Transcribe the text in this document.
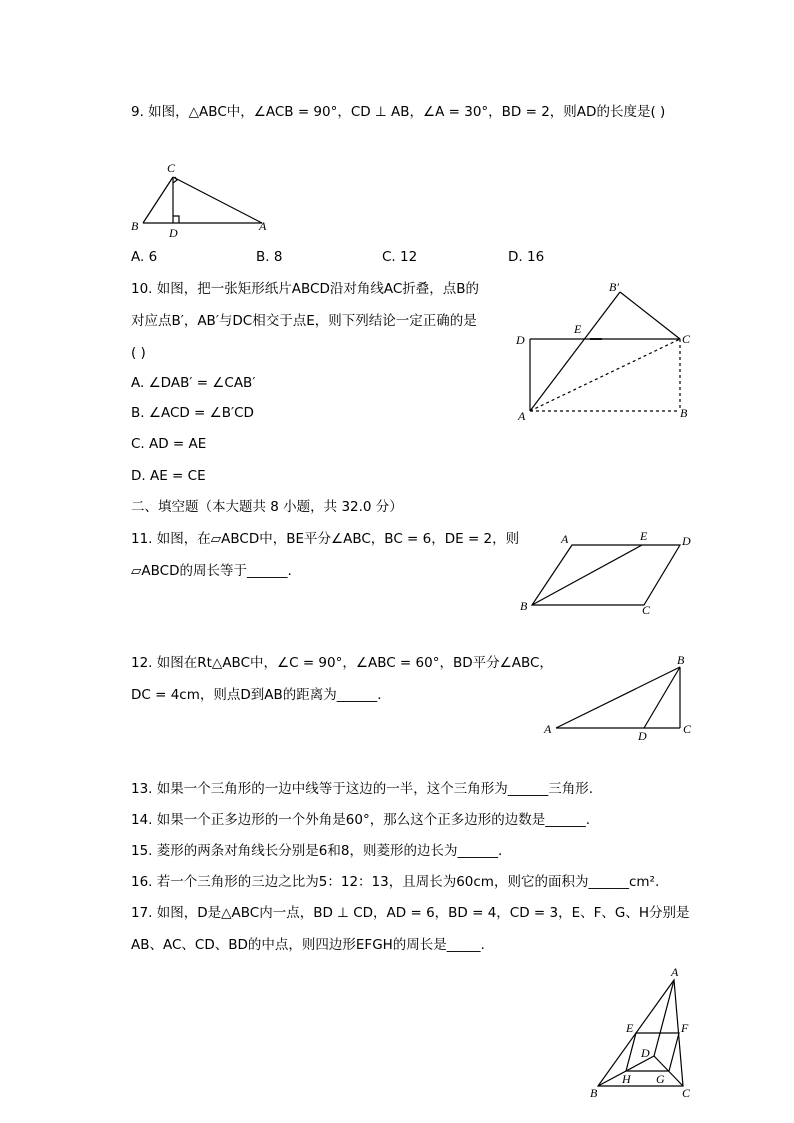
9. 如图，△ABC中，∠ACB = 90°，CD ⊥ AB，∠A = 30°，BD = 2，则AD的长度是( )
C
B	D	A
A. 6	B. 8	C. 12	D. 16
10. 如图，把一张矩形纸片ABCD沿对角线AC折叠，点B的
对应点B′，AB′与DC相交于点E，则下列结论一定正确的是
( )
A. ∠DAB′ = ∠CAB′
B. ∠ACD = ∠B′CD
C. AD = AE
D. AE = CE
B′
E
C
D
A	B
二、填空题（本大题共 8 小题，共 32.0 分）
11. 如图，在▱ABCD中，BE平分∠ABC，BC = 6，DE = 2，则
▱ABCD的周长等于______.
A	E	D
B	C
12. 如图在Rt△ABC中，∠C = 90°，∠ABC = 60°，BD平分∠ABC，
DC = 4cm，则点D到AB的距离为______.
B
A	D	C
13. 如果一个三角形的一边中线等于这边的一半，这个三角形为______三角形.
14. 如果一个正多边形的一个外角是60°，那么这个正多边形的边数是______.
15. 菱形的两条对角线长分别是6和8，则菱形的边长为______.
16. 若一个三角形的三边之比为5：12：13，且周长为60cm，则它的面积为______cm².
17. 如图，D是△ABC内一点，BD ⊥ CD，AD = 6，BD = 4，CD = 3，E、F、G、H分别是
AB、AC、CD、BD的中点，则四边形EFGH的周长是_____.
A
E	F
D
H G
B	C
